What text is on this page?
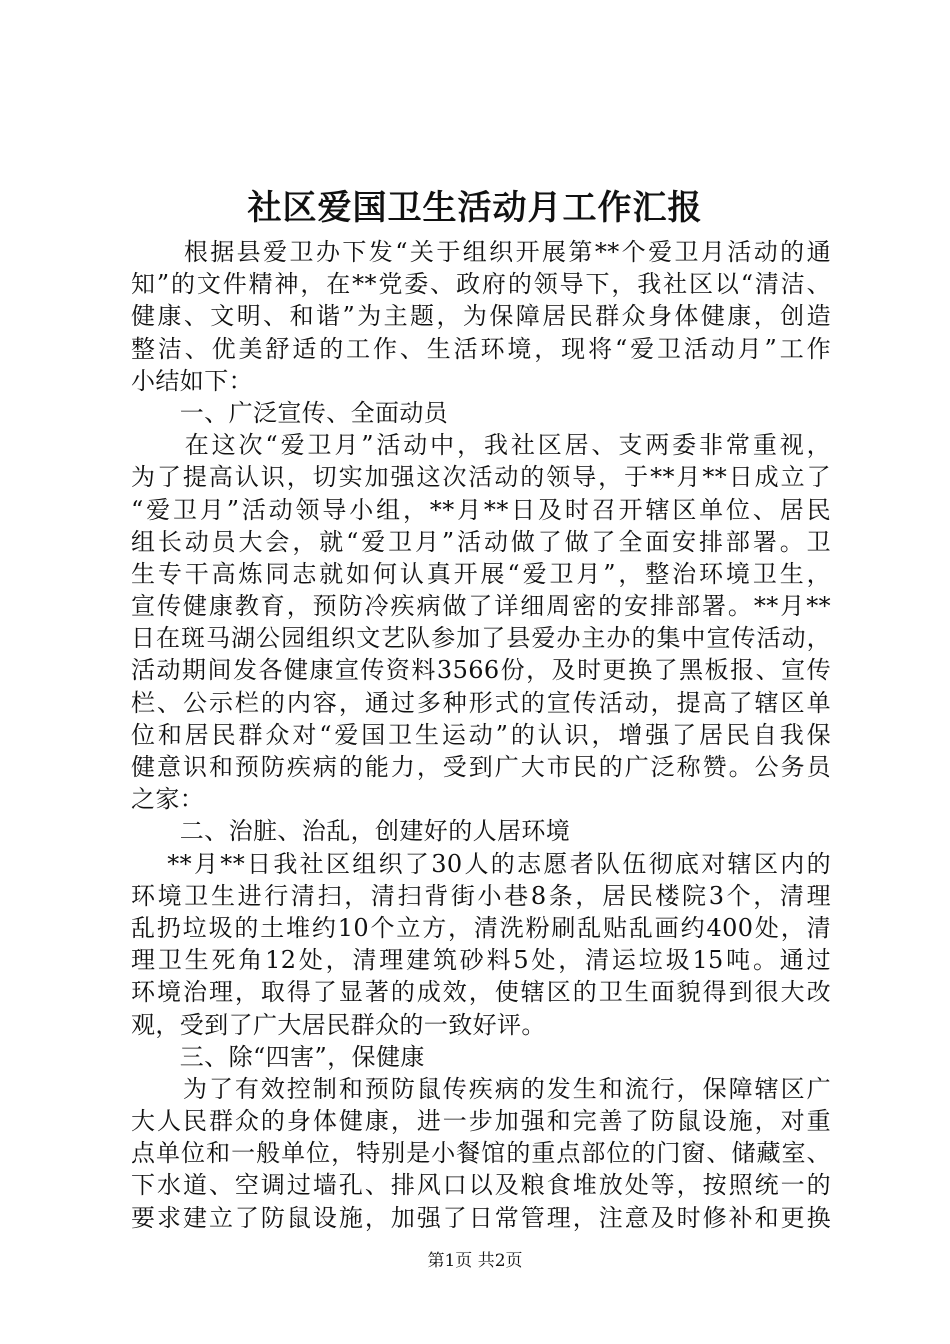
社区爱国卫生活动月工作汇报
　　根据县爱卫办下发“关于组织开展第**个爱卫月活动的通
知”的文件精神，在**党委、政府的领导下，我社区以“清洁、
健康、文明、和谐”为主题，为保障居民群众身体健康，创造
整洁、优美舒适的工作、生活环境，现将“爱卫活动月”工作
小结如下：
　　一、广泛宣传、全面动员
　　在这次“爱卫月”活动中，我社区居、支两委非常重视，
为了提高认识，切实加强这次活动的领导，于**月**日成立了
“爱卫月”活动领导小组，**月**日及时召开辖区单位、居民
组长动员大会，就“爱卫月”活动做了做了全面安排部署。卫
生专干高炼同志就如何认真开展“爱卫月”，整治环境卫生，
宣传健康教育，预防冷疾病做了详细周密的安排部署。**月**
日在斑马湖公园组织文艺队参加了县爱办主办的集中宣传活动，
活动期间发各健康宣传资料3566份，及时更换了黑板报、宣传
栏、公示栏的内容，通过多种形式的宣传活动，提高了辖区单
位和居民群众对“爱国卫生运动”的认识，增强了居民自我保
健意识和预防疾病的能力，受到广大市民的广泛称赞。公务员
之家：
　　二、治脏、治乱，创建好的人居环境
　 **月**日我社区组织了30人的志愿者队伍彻底对辖区内的
环境卫生进行清扫，清扫背街小巷8条，居民楼院3个，清理
乱扔垃圾的土堆约10个立方，清洗粉刷乱贴乱画约400处，清
理卫生死角12处，清理建筑砂料5处，清运垃圾15吨。通过
环境治理，取得了显著的成效，使辖区的卫生面貌得到很大改
观，受到了广大居民群众的一致好评。
　　三、除“四害”，保健康
　　为了有效控制和预防鼠传疾病的发生和流行，保障辖区广
大人民群众的身体健康，进一步加强和完善了防鼠设施，对重
点单位和一般单位，特别是小餐馆的重点部位的门窗、储藏室、
下水道、空调过墙孔、排风口以及粮食堆放处等，按照统一的
要求建立了防鼠设施，加强了日常管理，注意及时修补和更换
第1页 共2页
